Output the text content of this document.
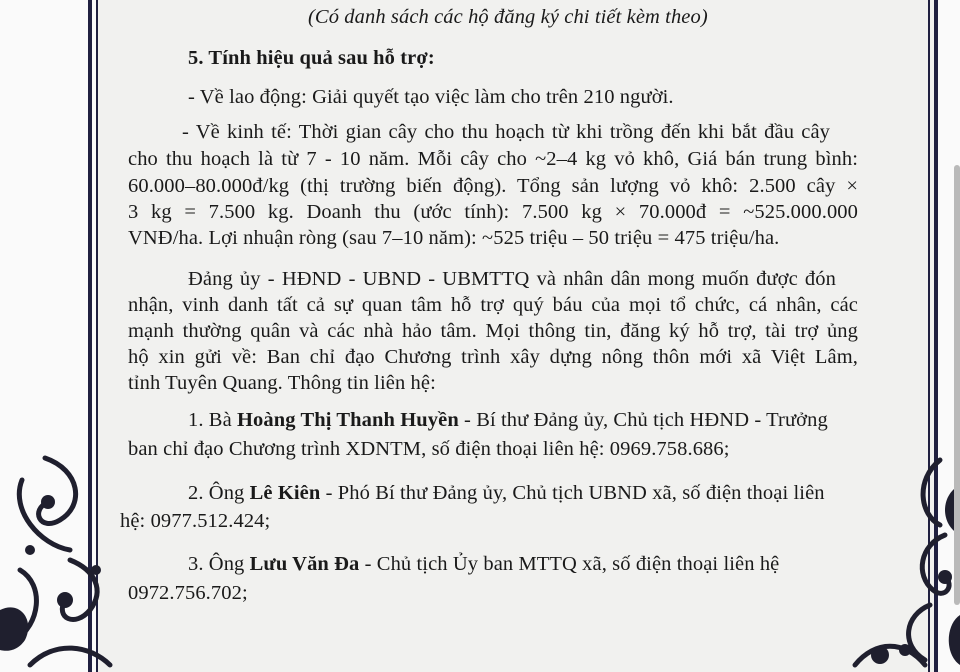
(Có danh sách các hộ đăng ký chi tiết kèm theo)
5. Tính hiệu quả sau hỗ trợ:
- Về lao động: Giải quyết tạo việc làm cho trên 210 người.
- Về kinh tế: Thời gian cây cho thu hoạch từ khi trồng đến khi bắt đầu cây
cho thu hoạch là từ 7 - 10 năm. Mỗi cây cho ~2–4 kg vỏ khô, Giá bán trung bình:
60.000–80.000đ/kg (thị trường biến động). Tổng sản lượng vỏ khô: 2.500 cây ×
3 kg = 7.500 kg. Doanh thu (ước tính): 7.500 kg × 70.000đ = ~525.000.000
VNĐ/ha. Lợi nhuận ròng (sau 7–10 năm): ~525 triệu – 50 triệu = 475 triệu/ha.
Đảng ủy - HĐND - UBND - UBMTTQ và nhân dân mong muốn được đón
nhận, vinh danh tất cả sự quan tâm hỗ trợ quý báu của mọi tổ chức, cá nhân, các
mạnh thường quân và các nhà hảo tâm. Mọi thông tin, đăng ký hỗ trợ, tài trợ ủng
hộ xin gửi về: Ban chỉ đạo Chương trình xây dựng nông thôn mới xã Việt Lâm,
tỉnh Tuyên Quang. Thông tin liên hệ:
1. Bà Hoàng Thị Thanh Huyền - Bí thư Đảng ủy, Chủ tịch HĐND - Trưởng
ban chỉ đạo Chương trình XDNTM, số điện thoại liên hệ: 0969.758.686;
2. Ông Lê Kiên - Phó Bí thư Đảng ủy, Chủ tịch UBND xã, số điện thoại liên
hệ: 0977.512.424;
3. Ông Lưu Văn Đa - Chủ tịch Ủy ban MTTQ xã, số điện thoại liên hệ
0972.756.702;
